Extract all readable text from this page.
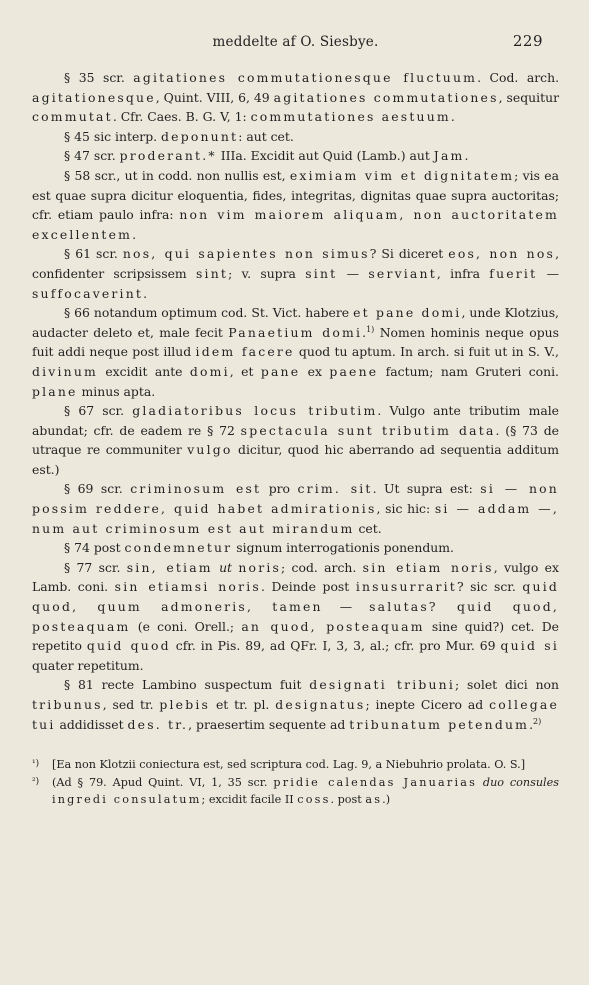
meddelte af O. Siesbye.	229

§ 35 scr. agitationes commutationesque fluctuum. Cod. arch. agitationesque, Quint. VIII, 6, 49 agitationes commutationes, sequitur commutat. Cfr. Caes. B. G. V, 1: commutationes aestuum.

§ 45 sic interp. deponunt: aut cet.

§ 47 scr. proderant.* IIIa. Excidit aut Quid (Lamb.) aut Jam.

§ 58 scr., ut in codd. non nullis est, eximiam vim et dignitatem; vis ea est quae supra dicitur eloquentia, fides, integritas, dignitas quae supra auctoritas; cfr. etiam paulo infra: non vim maiorem aliquam, non auctoritatem excellentem.

§ 61 scr. nos, qui sapientes non simus? Si diceret eos, non nos, confidenter scripsissem sint; v. supra sint — serviant, infra fuerit — suffocaverint.

§ 66 notandum optimum cod. St. Vict. habere et pane domi, unde Klotzius, audacter deleto et, male fecit Panaetium domi.$^{1)}$ Nomen hominis neque opus fuit addi neque post illud idem facere quod tu aptum. In arch. si fuit ut in S. V., divinum excidit ante domi, et pane ex paene factum; nam Gruteri coni. plane minus apta.

§ 67 scr. gladiatoribus locus tributim. Vulgo ante tributim male abundat; cfr. de eadem re § 72 spectacula sunt tributim data. (§ 73 de utraque re communiter vulgo dicitur, quod hic aberrando ad sequentia additum est.)

§ 69 scr. criminosum est pro crim. sit. Ut supra est: si — non possim reddere, quid habet admirationis, sic hic: si — addam —, num aut criminosum est aut mirandum cet.

§ 74 post condemnetur signum interrogationis ponendum.

§ 77 scr. sin, etiam ut noris; cod. arch. sin etiam noris, vulgo ex Lamb. coni. sin etiamsi noris. Deinde post insusurrarit? sic scr. quid quod, quum admoneris, tamen — salutas? quid quod, posteaquam (e coni. Orell.; an quod, posteaquam sine quid?) cet. De repetito quid quod cfr. in Pis. 89, ad QFr. I, 3, 3, al.; cfr. pro Mur. 69 quid si quater repetitum.

§ 81 recte Lambino suspectum fuit designati tribuni; solet dici non tribunus, sed tr. plebis et tr. pl. designatus; inepte Cicero ad collegae tui addidisset des. tr., praesertim sequente ad tribunatum petendum.$^{2)}$

¹) [Ea non Klotzii coniectura est, sed scriptura cod. Lag. 9, a Niebuhrio prolata. O. S.]

²) (Ad § 79. Apud Quint. VI, 1, 35 scr. pridie calendas Januarias duo consules ingredi consulatum; excidit facile II coss. post as.)
